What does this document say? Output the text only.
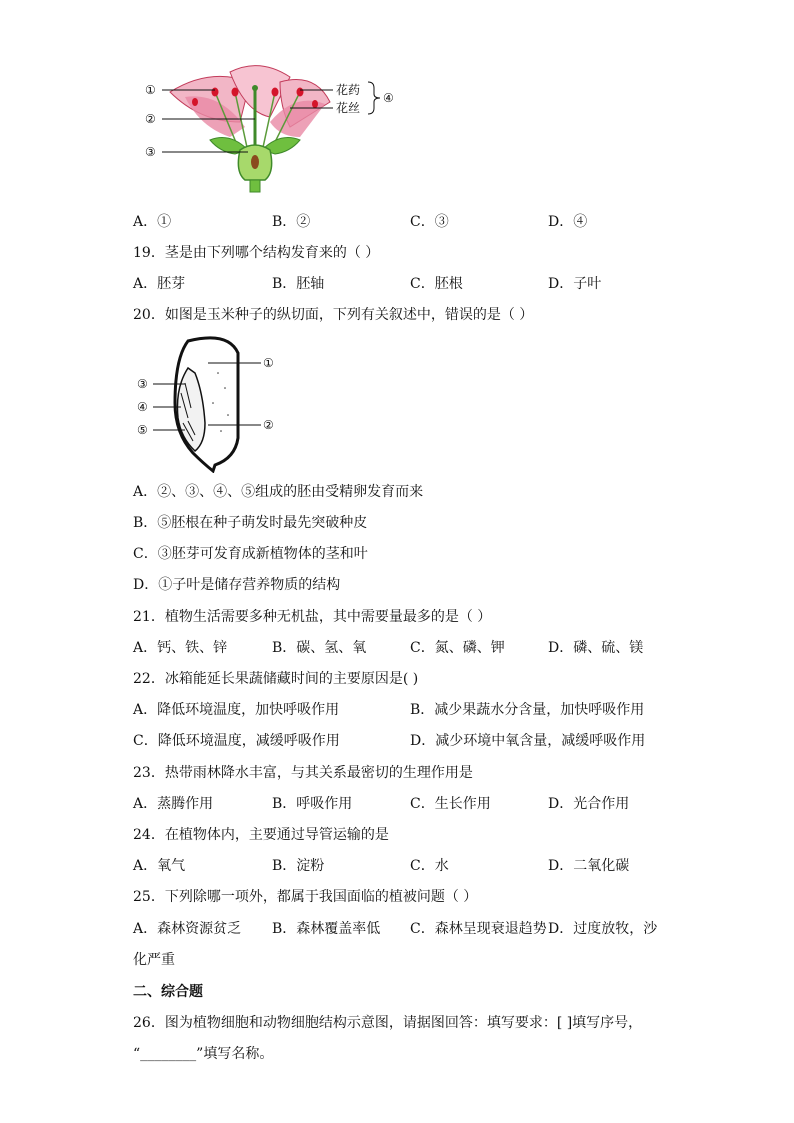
①
②
③
花药
花丝
④
A．①	B．②	C．③	D．④
19．茎是由下列哪个结构发育来的（ ）
A．胚芽	B．胚轴	C．胚根	D．子叶
20．如图是玉米种子的纵切面，下列有关叙述中，错误的是（ ）
①
②
③
④
⑤
A．②、③、④、⑤组成的胚由受精卵发育而来
B．⑤胚根在种子萌发时最先突破种皮
C．③胚芽可发育成新植物体的茎和叶
D．①子叶是储存营养物质的结构
21．植物生活需要多种无机盐，其中需要量最多的是（ ）
A．钙、铁、锌	B．碳、氢、氧	C．氮、磷、钾	D．磷、硫、镁
22．冰箱能延长果蔬储藏时间的主要原因是( )
A．降低环境温度，加快呼吸作用	B．减少果蔬水分含量，加快呼吸作用
C．降低环境温度，减缓呼吸作用	D．减少环境中氧含量，减缓呼吸作用
23．热带雨林降水丰富，与其关系最密切的生理作用是
A．蒸腾作用	B．呼吸作用	C．生长作用	D．光合作用
24．在植物体内，主要通过导管运输的是
A．氧气	B．淀粉	C．水	D．二氧化碳
25．下列除哪一项外，都属于我国面临的植被问题（ ）
A．森林资源贫乏 B．森林覆盖率低 C．森林呈现衰退趋势 D．过度放牧，沙
化严重
二、综合题
26．图为植物细胞和动物细胞结构示意图，请据图回答：填写要求：[ ]填写序号，
“________”填写名称。
